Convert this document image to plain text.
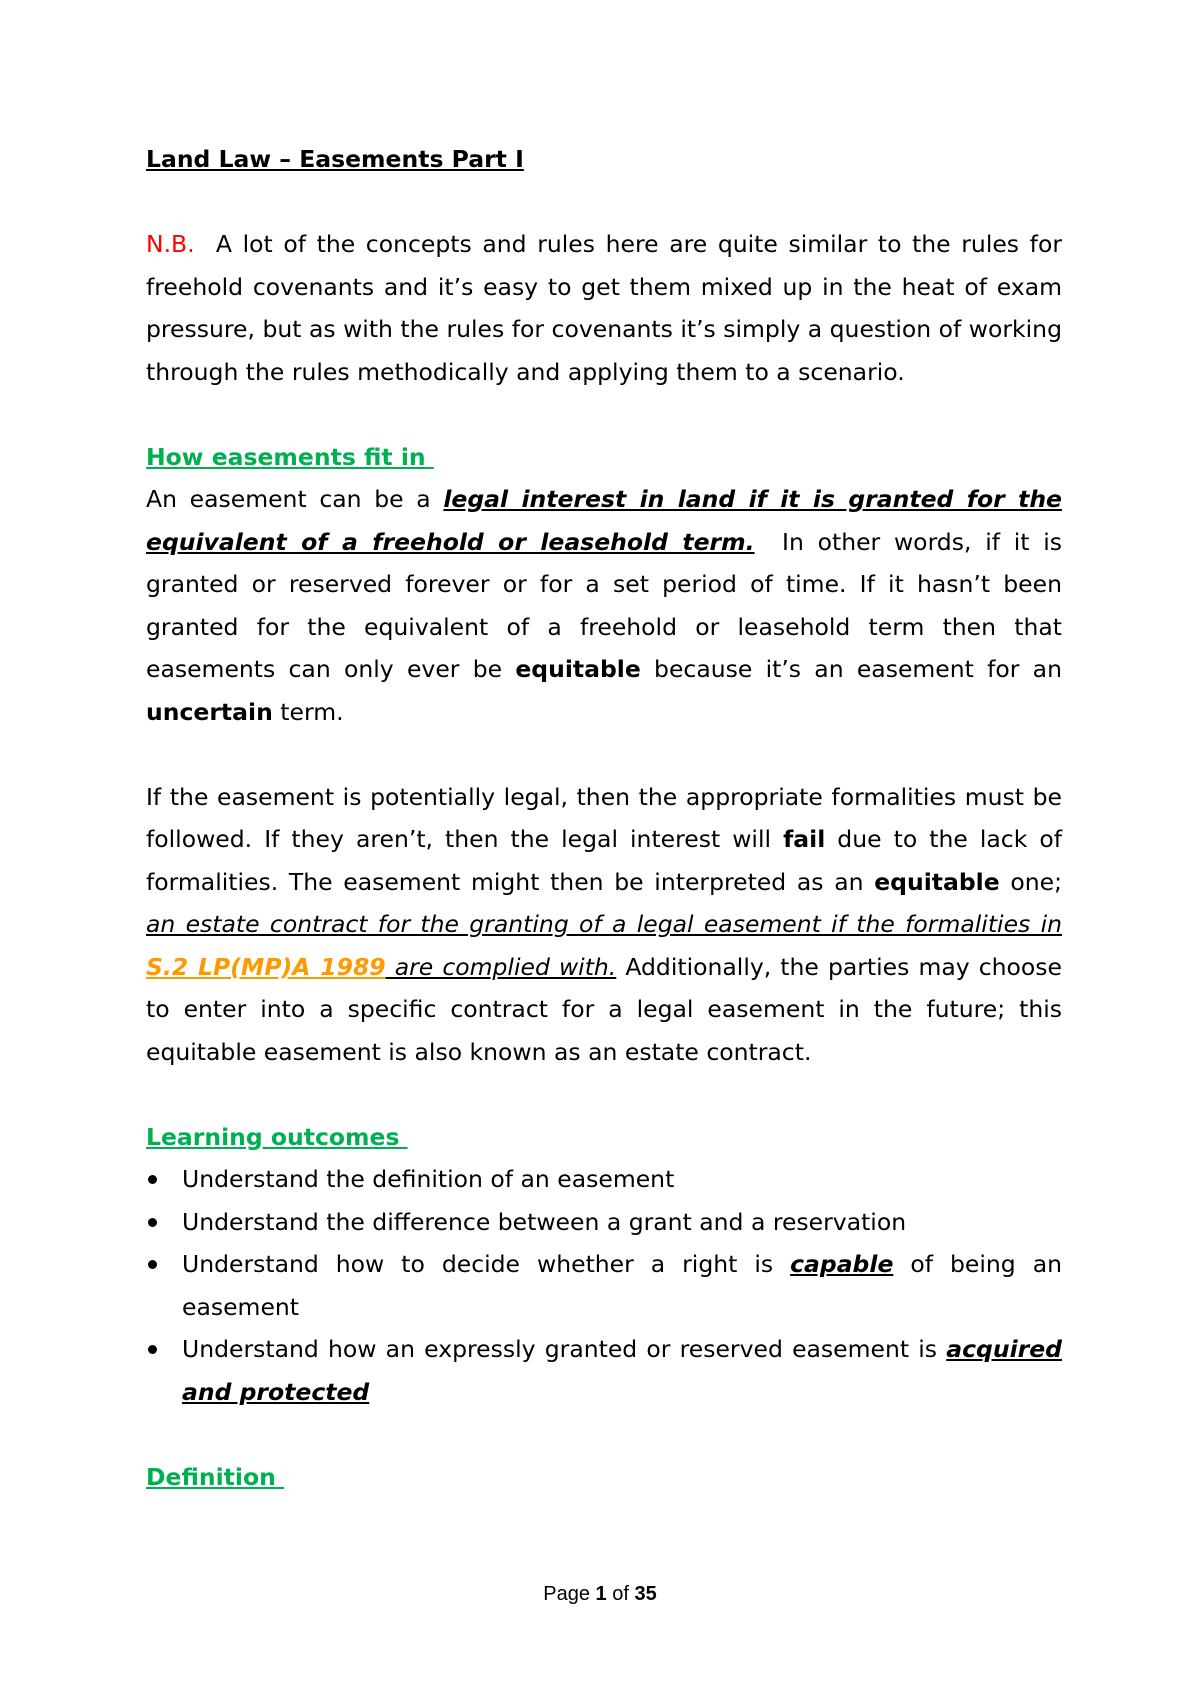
Land Law – Easements Part I

N.B. A lot of the concepts and rules here are quite similar to the rules for freehold covenants and it’s easy to get them mixed up in the heat of exam pressure, but as with the rules for covenants it’s simply a question of working through the rules methodically and applying them to a scenario.

How easements fit in

An easement can be a legal interest in land if it is granted for the equivalent of a freehold or leasehold term.  In other words, if it is granted or reserved forever or for a set period of time. If it hasn’t been granted for the equivalent of a freehold or leasehold term then that easements can only ever be equitable because it’s an easement for an uncertain term.

If the easement is potentially legal, then the appropriate formalities must be followed. If they aren’t, then the legal interest will fail due to the lack of formalities. The easement might then be interpreted as an equitable one; an estate contract for the granting of a legal easement if the formalities in S.2 LP(MP)A 1989 are complied with. Additionally, the parties may choose to enter into a specific contract for a legal easement in the future; this equitable easement is also known as an estate contract.

Learning outcomes

Understand the definition of an easement
Understand the difference between a grant and a reservation
Understand how to decide whether a right is capable of being an easement
Understand how an expressly granted or reserved easement is acquired and protected

Definition

Page 1 of 35
